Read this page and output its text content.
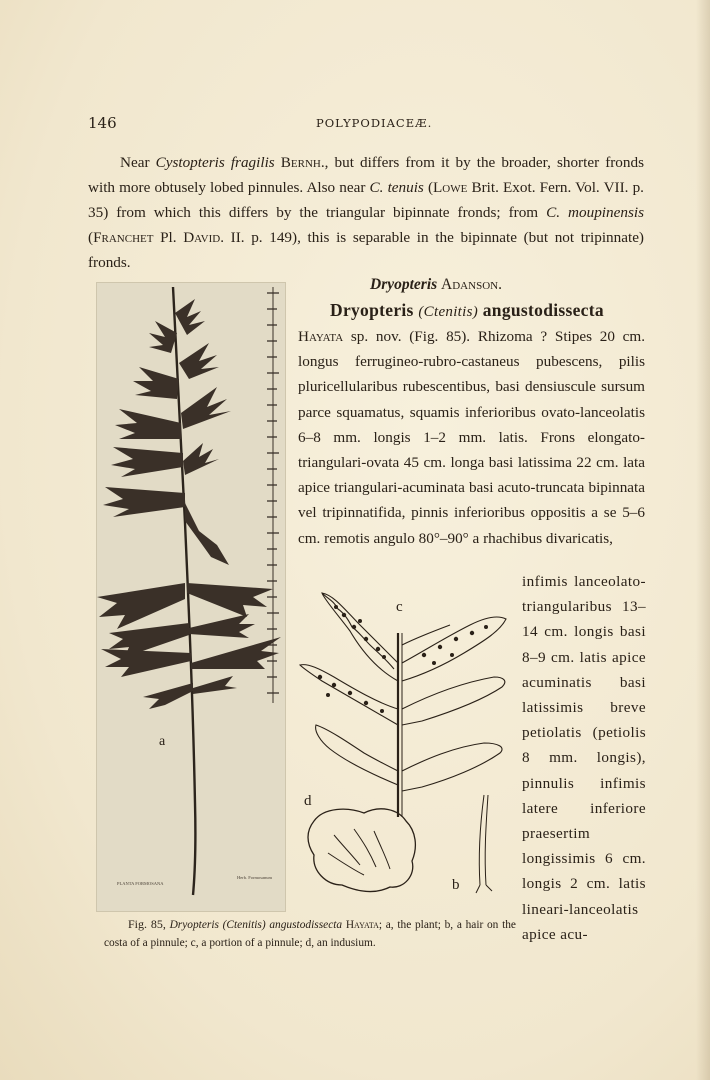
146	POLYPODIACEÆ.

Near Cystopteris fragilis Bernh., but differs from it by the broader, shorter fronds with more obtusely lobed pinnules. Also near C. tenuis (Lowe Brit. Exot. Fern. Vol. VII. p. 35) from which this differs by the triangular bipinnate fronds; from C. moupinensis (Franchet Pl. David. II. p. 149), this is separable in the bipinnate (but not tripinnate) fronds.

Dryopteris Adanson.
Dryopteris (Ctenitis) angustodissecta
Hayata sp. nov. (Fig. 85). Rhizoma ? Stipes 20 cm. longus ferrugineo-rubro-castaneus pubescens, pilis pluricellularibus rubescentibus, basi densiuscule sursum parce squamatus, squamis inferioribus ovato-lanceolatis 6–8 mm. longis 1–2 mm. latis. Frons elongato-triangulari-ovata 45 cm. longa basi latissima 22 cm. lata apice triangulari-acuminata basi acuto-truncata bipinnata vel tripinnatifida, pinnis inferioribus oppositis a se 5–6 cm. remotis angulo 80°–90° a rhachibus divaricatis,
infimis lanceolato-triangularibus 13–14 cm. longis basi 8–9 cm. latis apice acuminatis basi latissimis breve petiolatis (petiolis 8 mm. longis), pinnulis infimis latere inferiore praesertim longissimis 6 cm. longis 2 cm. latis lineari-lanceolatis apice acu-
a
PLANTA FORMOSANA
Herb. Formosanum
c
d
b
Fig. 85, Dryopteris (Ctenitis) angustodissecta Hayata; a, the plant; b, a hair on the costa of a pinnule; c, a portion of a pinnule; d, an indusium.
